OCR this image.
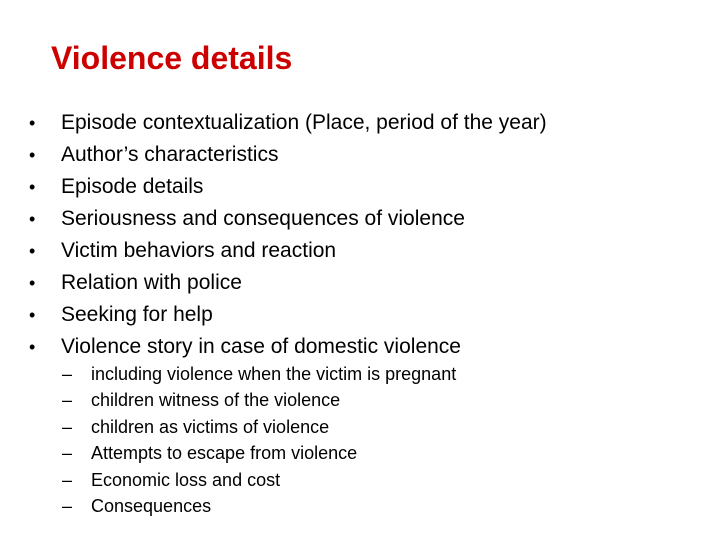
Violence details
•	Episode contextualization (Place, period of the year)
•	Author’s characteristics
•	Episode details
•	Seriousness and consequences of violence
•	Victim behaviors and reaction
•	Relation with police
•	Seeking for help
•	Violence story in case of domestic violence
–	including violence when the victim is pregnant
–	children witness of the violence
–	children as victims of violence
–	Attempts to escape from violence
–	Economic loss and cost
–	Consequences
